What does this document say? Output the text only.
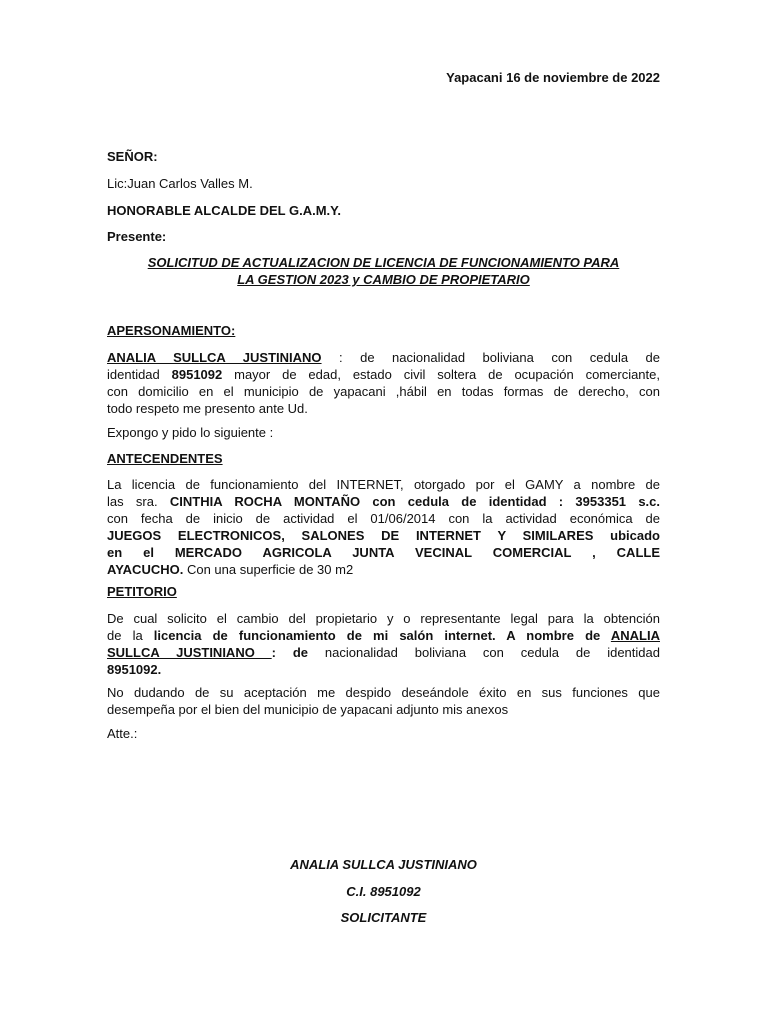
Yapacani 16 de noviembre de 2022
SEÑOR:
Lic:Juan Carlos Valles M.
HONORABLE ALCALDE DEL G.A.M.Y.
Presente:
SOLICITUD DE ACTUALIZACION DE LICENCIA DE FUNCIONAMIENTO PARA
LA GESTION 2023 y CAMBIO DE PROPIETARIO
APERSONAMIENTO:
ANALIA SULLCA JUSTINIANO : de nacionalidad boliviana con cedula de
identidad 8951092 mayor de edad, estado civil soltera de ocupación comerciante,
con domicilio en el municipio de yapacani ,hábil en todas formas de derecho, con
todo respeto me presento ante Ud.
Expongo y pido lo siguiente :
ANTECENDENTES
La licencia de funcionamiento del INTERNET, otorgado por el GAMY a nombre de
las sra. CINTHIA ROCHA MONTAÑO con cedula de identidad : 3953351 s.c.
con fecha de inicio de actividad el 01/06/2014 con la actividad económica de
JUEGOS ELECTRONICOS, SALONES DE INTERNET Y SIMILARES ubicado
en el MERCADO AGRICOLA JUNTA VECINAL COMERCIAL , CALLE
AYACUCHO. Con una superficie de 30 m2
PETITORIO
De cual solicito el cambio del propietario y o representante legal para la obtención
de la licencia de funcionamiento de mi salón internet. A nombre de ANALIA
SULLCA JUSTINIANO : de nacionalidad boliviana con cedula de identidad
8951092.
No dudando de su aceptación me despido deseándole éxito en sus funciones que
desempeña por el bien del municipio de yapacani adjunto mis anexos
Atte.:
ANALIA SULLCA JUSTINIANO
C.I. 8951092
SOLICITANTE
